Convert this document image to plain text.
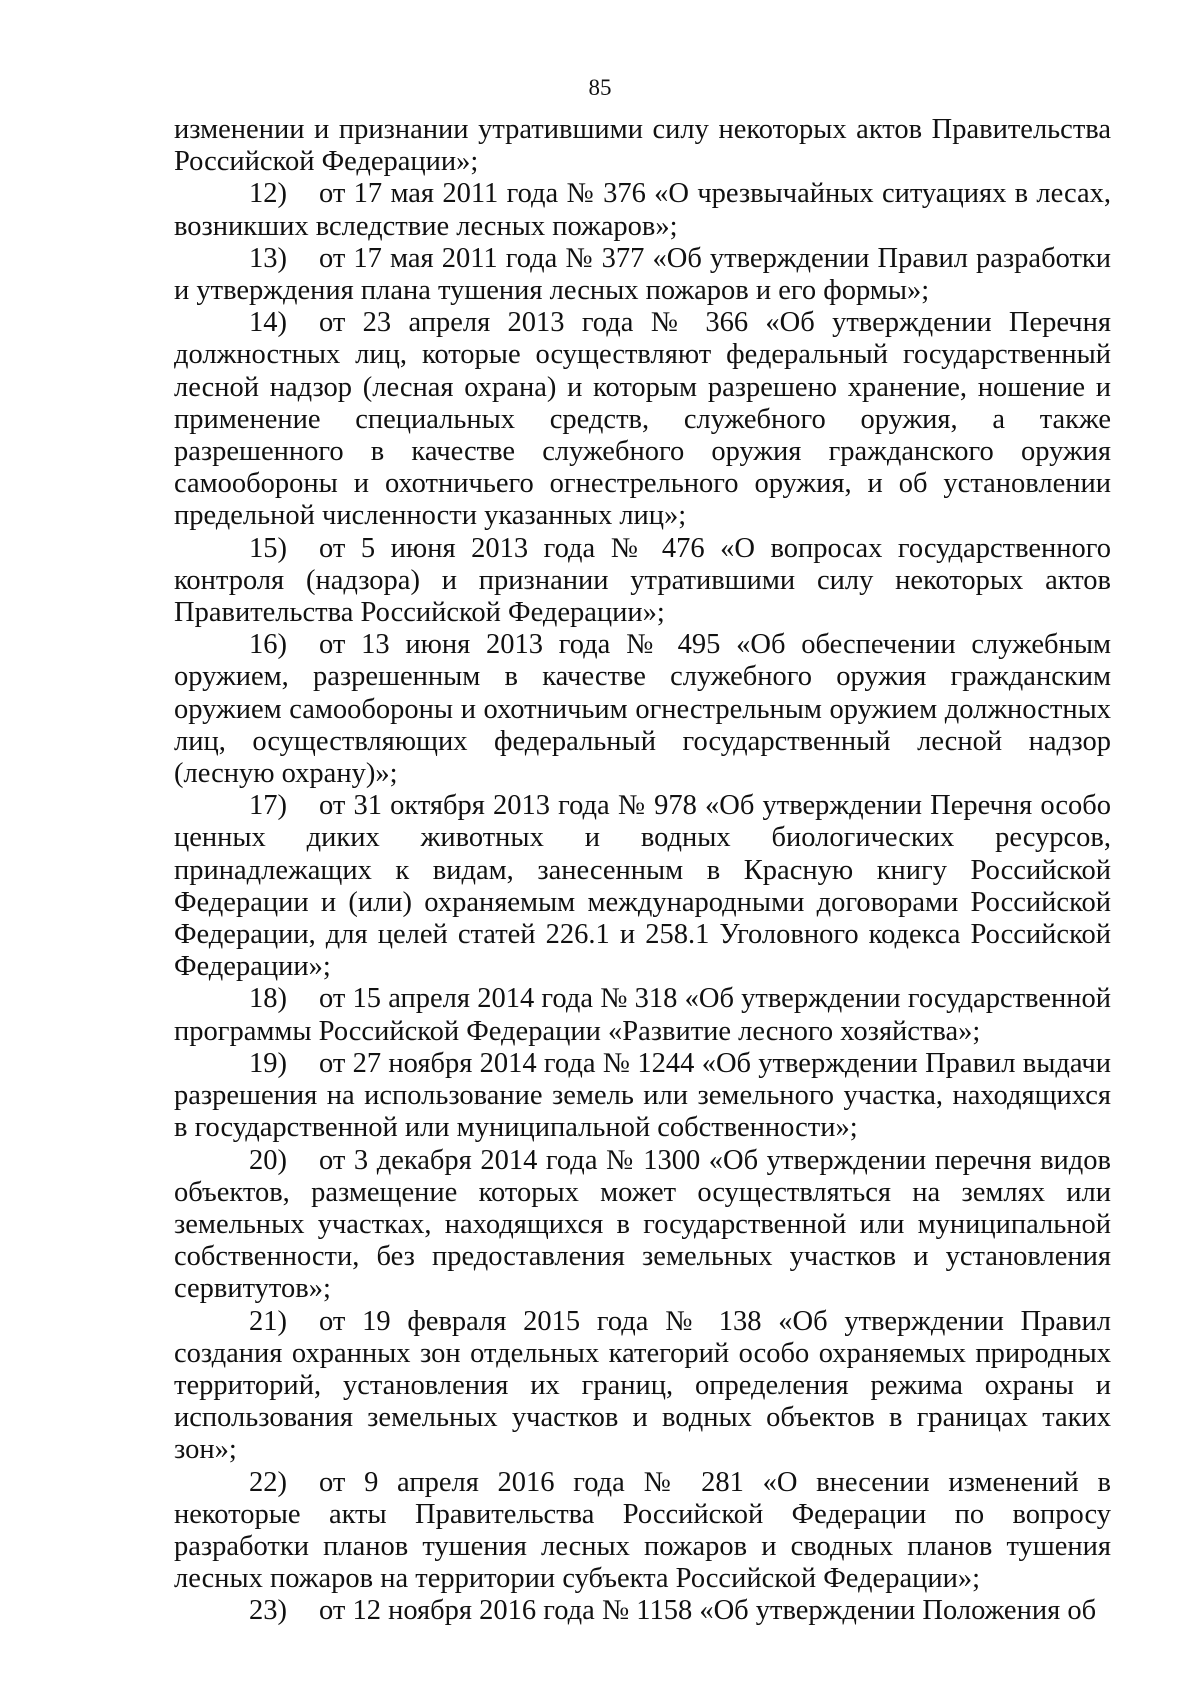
85

изменении и признании утратившими силу некоторых актов Правительства Российской Федерации»;

12) от 17 мая 2011 года № 376 «О чрезвычайных ситуациях в лесах, возникших вследствие лесных пожаров»;

13) от 17 мая 2011 года № 377 «Об утверждении Правил разработки и утверждения плана тушения лесных пожаров и его формы»;

14) от 23 апреля 2013 года № 366 «Об утверждении Перечня должностных лиц, которые осуществляют федеральный государственный лесной надзор (лесная охрана) и которым разрешено хранение, ношение и применение специальных средств, служебного оружия, а также разрешенного в качестве служебного оружия гражданского оружия самообороны и охотничьего огнестрельного оружия, и об установлении предельной численности указанных лиц»;

15) от 5 июня 2013 года № 476 «О вопросах государственного контроля (надзора) и признании утратившими силу некоторых актов Правительства Российской Федерации»;

16) от 13 июня 2013 года № 495 «Об обеспечении служебным оружием, разрешенным в качестве служебного оружия гражданским оружием самообороны и охотничьим огнестрельным оружием должностных лиц, осуществляющих федеральный государственный лесной надзор (лесную охрану)»;

17) от 31 октября 2013 года № 978 «Об утверждении Перечня особо ценных диких животных и водных биологических ресурсов, принадлежащих к видам, занесенным в Красную книгу Российской Федерации и (или) охраняемым международными договорами Российской Федерации, для целей статей 226.1 и 258.1 Уголовного кодекса Российской Федерации»;

18) от 15 апреля 2014 года № 318 «Об утверждении государственной программы Российской Федерации «Развитие лесного хозяйства»;

19) от 27 ноября 2014 года № 1244 «Об утверждении Правил выдачи разрешения на использование земель или земельного участка, находящихся в государственной или муниципальной собственности»;

20) от 3 декабря 2014 года № 1300 «Об утверждении перечня видов объектов, размещение которых может осуществляться на землях или земельных участках, находящихся в государственной или муниципальной собственности, без предоставления земельных участков и установления сервитутов»;

21) от 19 февраля 2015 года № 138 «Об утверждении Правил создания охранных зон отдельных категорий особо охраняемых природных территорий, установления их границ, определения режима охраны и использования земельных участков и водных объектов в границах таких зон»;

22) от 9 апреля 2016 года № 281 «О внесении изменений в некоторые акты Правительства Российской Федерации по вопросу разработки планов тушения лесных пожаров и сводных планов тушения лесных пожаров на территории субъекта Российской Федерации»;

23) от 12 ноября 2016 года № 1158 «Об утверждении Положения об
